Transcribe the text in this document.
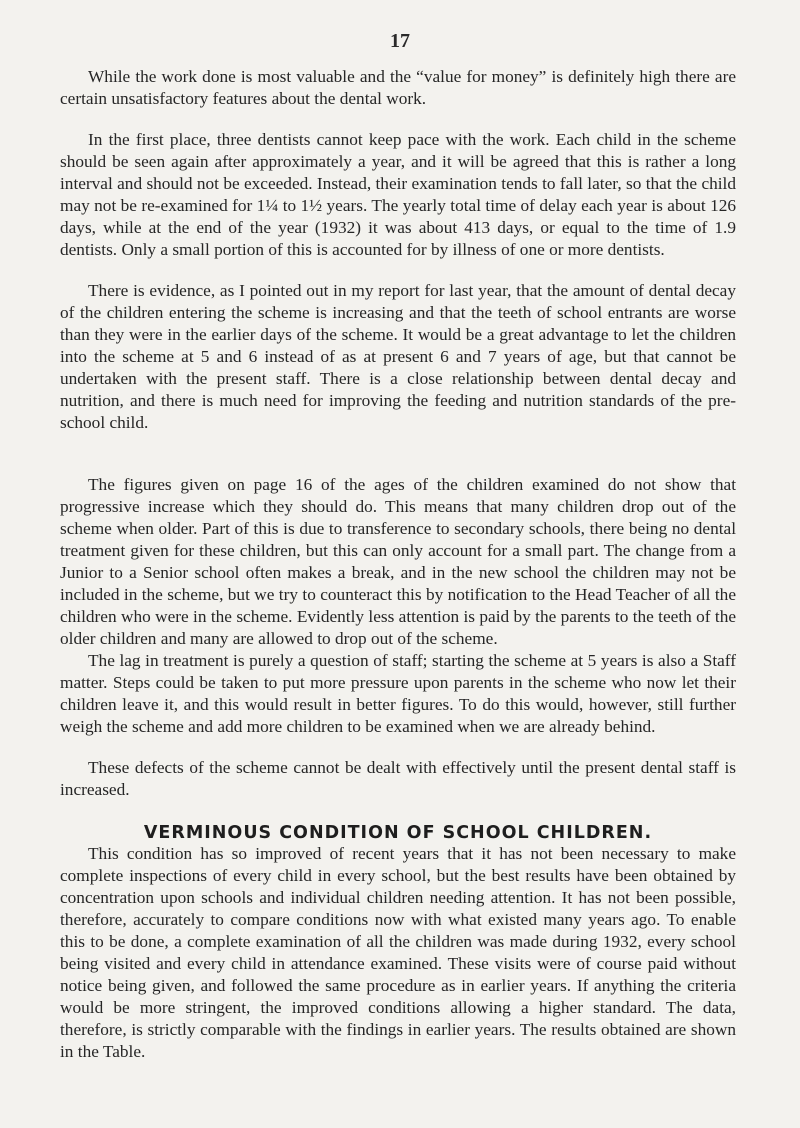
17

While the work done is most valuable and the “value for money” is definitely high there are certain unsatisfactory features about the dental work.

In the first place, three dentists cannot keep pace with the work. Each child in the scheme should be seen again after approximately a year, and it will be agreed that this is rather a long interval and should not be exceeded. Instead, their examination tends to fall later, so that the child may not be re-examined for 1¼ to 1½ years. The yearly total time of delay each year is about 126 days, while at the end of the year (1932) it was about 413 days, or equal to the time of 1.9 dentists. Only a small portion of this is accounted for by illness of one or more dentists.

There is evidence, as I pointed out in my report for last year, that the amount of dental decay of the children entering the scheme is increasing and that the teeth of school entrants are worse than they were in the earlier days of the scheme. It would be a great advantage to let the children into the scheme at 5 and 6 instead of as at present 6 and 7 years of age, but that cannot be undertaken with the present staff. There is a close relationship between dental decay and nutrition, and there is much need for improving the feeding and nutrition standards of the pre-school child.

The figures given on page 16 of the ages of the children examined do not show that progressive increase which they should do. This means that many children drop out of the scheme when older. Part of this is due to transference to secondary schools, there being no dental treatment given for these children, but this can only account for a small part. The change from a Junior to a Senior school often makes a break, and in the new school the children may not be included in the scheme, but we try to counteract this by notification to the Head Teacher of all the children who were in the scheme. Evidently less attention is paid by the parents to the teeth of the older children and many are allowed to drop out of the scheme.

The lag in treatment is purely a question of staff; starting the scheme at 5 years is also a Staff matter. Steps could be taken to put more pressure upon parents in the scheme who now let their children leave it, and this would result in better figures. To do this would, however, still further weigh the scheme and add more children to be examined when we are already behind.

These defects of the scheme cannot be dealt with effectively until the present dental staff is increased.

VERMINOUS CONDITION OF SCHOOL CHILDREN.

This condition has so improved of recent years that it has not been necessary to make complete inspections of every child in every school, but the best results have been obtained by concentration upon schools and individual children needing attention. It has not been possible, therefore, accurately to compare conditions now with what existed many years ago. To enable this to be done, a complete examination of all the children was made during 1932, every school being visited and every child in attendance examined. These visits were of course paid without notice being given, and followed the same procedure as in earlier years. If anything the criteria would be more stringent, the improved conditions allowing a higher standard. The data, therefore, is strictly comparable with the findings in earlier years. The results obtained are shown in the Table.
